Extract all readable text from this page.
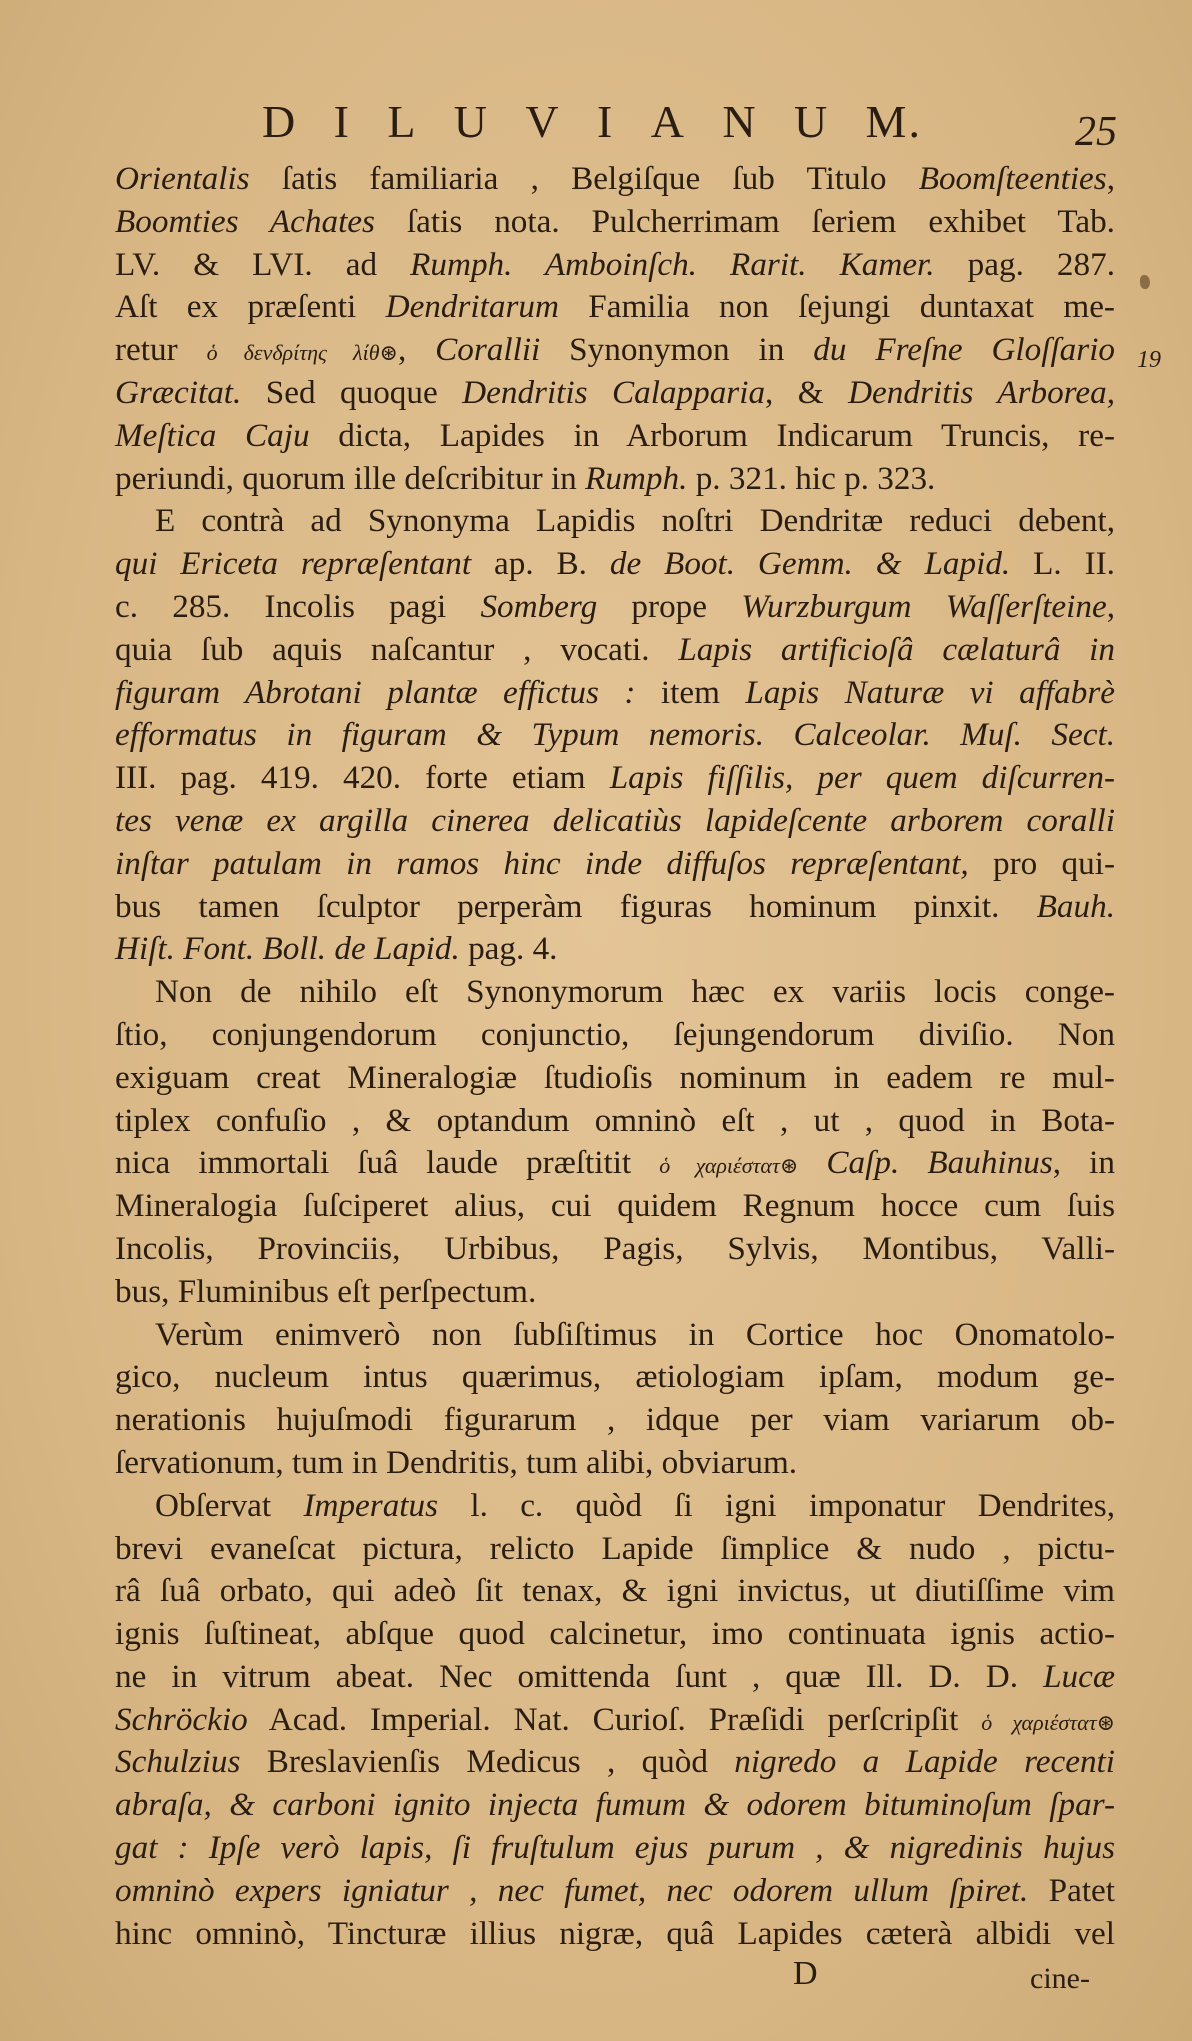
D I L U V I A N U M.	25
19
Orientalis ſatis familiaria , Belgiſque ſub Titulo Boomſteenties,
Boomties Achates ſatis nota. Pulcherrimam ſeriem exhibet Tab.
LV. & LVI. ad Rumph. Amboinſch. Rarit. Kamer. pag. 287.
Aſt ex præſenti Dendritarum Familia non ſejungi duntaxat me-
retur ὁ δενδρίτης λίθ⊛, Corallii Synonymon in du Freſne Gloſſario
Græcitat. Sed quoque Dendritis Calapparia, & Dendritis Arborea,
Meſtica Caju dicta, Lapides in Arborum Indicarum Truncis, re-
periundi, quorum ille deſcribitur in Rumph. p. 321. hic p. 323.
E contrà ad Synonyma Lapidis noſtri Dendritæ reduci debent,
qui Ericeta repræſentant ap. B. de Boot. Gemm. & Lapid. L. II.
c. 285. Incolis pagi Somberg prope Wurzburgum Waſſerſteine,
quia ſub aquis naſcantur , vocati. Lapis artificioſâ cælaturâ in
figuram Abrotani plantæ effictus : item Lapis Naturæ vi affabrè
efformatus in figuram & Typum nemoris. Calceolar. Muſ. Sect.
III. pag. 419. 420. forte etiam Lapis fiſſilis, per quem diſcurren-
tes venæ ex argilla cinerea delicatiùs lapideſcente arborem coralli
inſtar patulam in ramos hinc inde diffuſos repræſentant, pro qui-
bus tamen ſculptor perperàm figuras hominum pinxit. Bauh.
Hiſt. Font. Boll. de Lapid. pag. 4.
Non de nihilo eſt Synonymorum hæc ex variis locis conge-
ſtio, conjungendorum conjunctio, ſejungendorum diviſio. Non
exiguam creat Mineralogiæ ſtudioſis nominum in eadem re mul-
tiplex confuſio , & optandum omninò eſt , ut , quod in Bota-
nica immortali ſuâ laude præſtitit ὁ χαριέστατ⊛ Caſp. Bauhinus, in
Mineralogia ſuſciperet alius, cui quidem Regnum hocce cum ſuis
Incolis, Provinciis, Urbibus, Pagis, Sylvis, Montibus, Valli-
bus, Fluminibus eſt perſpectum.
Verùm enimverò non ſubſiſtimus in Cortice hoc Onomatolo-
gico, nucleum intus quærimus, ætiologiam ipſam, modum ge-
nerationis hujuſmodi figurarum , idque per viam variarum ob-
ſervationum, tum in Dendritis, tum alibi, obviarum.
Obſervat Imperatus l. c. quòd ſi igni imponatur Dendrites,
brevi evaneſcat pictura, relicto Lapide ſimplice & nudo , pictu-
râ ſuâ orbato, qui adeò ſit tenax, & igni invictus, ut diutiſſime vim
ignis ſuſtineat, abſque quod calcinetur, imo continuata ignis actio-
ne in vitrum abeat. Nec omittenda ſunt , quæ Ill. D. D. Lucæ
Schröckio Acad. Imperial. Nat. Curioſ. Præſidi perſcripſit ὁ χαριέστατ⊛
Schulzius Breslavienſis Medicus , quòd nigredo a Lapide recenti
abraſa, & carboni ignito injecta fumum & odorem bituminoſum ſpar-
gat : Ipſe verò lapis, ſi fruſtulum ejus purum , & nigredinis hujus
omninò expers igniatur , nec fumet, nec odorem ullum ſpiret. Patet
hinc omninò, Tincturæ illius nigræ, quâ Lapides cæterà albidi vel
D	cine-
